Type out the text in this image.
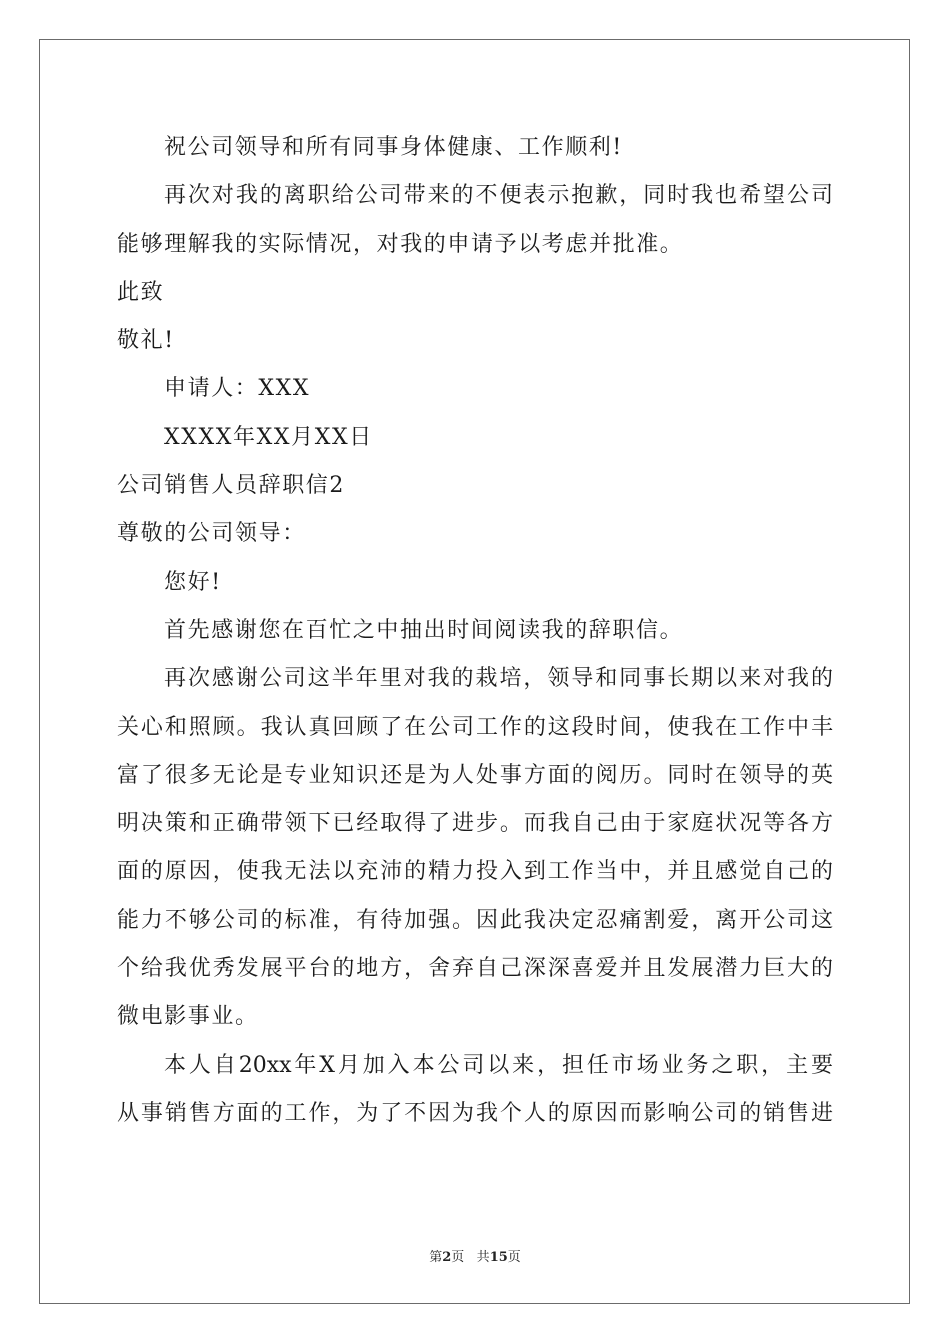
祝公司领导和所有同事身体健康、工作顺利!
再次对我的离职给公司带来的不便表示抱歉，同时我也希望公司
能够理解我的实际情况，对我的申请予以考虑并批准。
此致
敬礼!
申请人：XXX
XXXX年XX月XX日
公司销售人员辞职信2
尊敬的公司领导：
您好!
首先感谢您在百忙之中抽出时间阅读我的辞职信。
再次感谢公司这半年里对我的栽培，领导和同事长期以来对我的
关心和照顾。我认真回顾了在公司工作的这段时间，使我在工作中丰
富了很多无论是专业知识还是为人处事方面的阅历。同时在领导的英
明决策和正确带领下已经取得了进步。而我自己由于家庭状况等各方
面的原因，使我无法以充沛的精力投入到工作当中，并且感觉自己的
能力不够公司的标准，有待加强。因此我决定忍痛割爱，离开公司这
个给我优秀发展平台的地方，舍弃自己深深喜爱并且发展潜力巨大的
微电影事业。
本人自20xx年X月加入本公司以来，担任市场业务之职，主要
从事销售方面的工作，为了不因为我个人的原因而影响公司的销售进
第2页 共15页
